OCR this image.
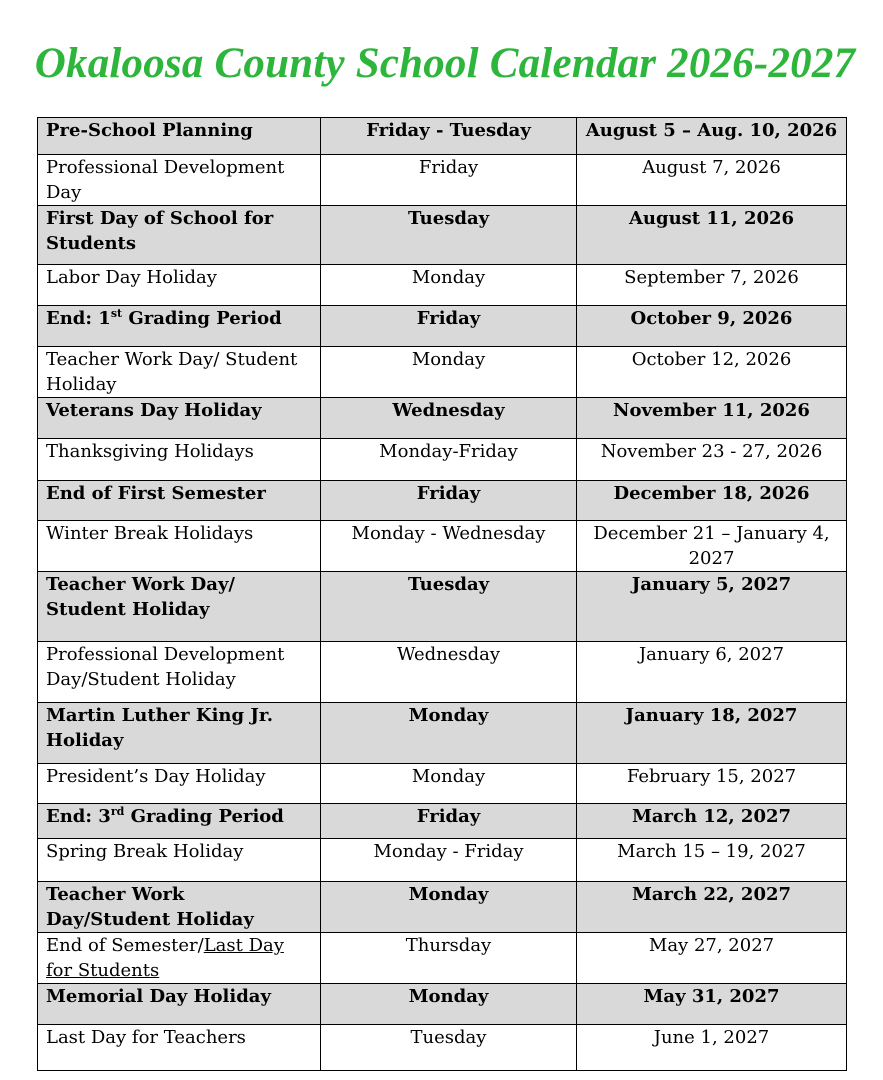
Okaloosa County School Calendar 2026-2027
Pre-School Planning	Friday - Tuesday	August 5 – Aug. 10, 2026
Professional Development Day	Friday	August 7, 2026
First Day of School for Students	Tuesday	August 11, 2026
Labor Day Holiday	Monday	September 7, 2026
End: 1st Grading Period	Friday	October 9, 2026
Teacher Work Day/ Student Holiday	Monday	October 12, 2026
Veterans Day Holiday	Wednesday	November 11, 2026
Thanksgiving Holidays	Monday-Friday	November 23 - 27, 2026
End of First Semester	Friday	December 18, 2026
Winter Break Holidays	Monday - Wednesday	December 21 – January 4, 2027
Teacher Work Day/ Student Holiday	Tuesday	January 5, 2027
Professional Development Day/Student Holiday	Wednesday	January 6, 2027
Martin Luther King Jr. Holiday	Monday	January 18, 2027
President’s Day Holiday	Monday	February 15, 2027
End: 3rd Grading Period	Friday	March 12, 2027
Spring Break Holiday	Monday - Friday	March 15 – 19, 2027
Teacher Work Day/Student Holiday	Monday	March 22, 2027
End of Semester/Last Day for Students	Thursday	May 27, 2027
Memorial Day Holiday	Monday	May 31, 2027
Last Day for Teachers	Tuesday	June 1, 2027
